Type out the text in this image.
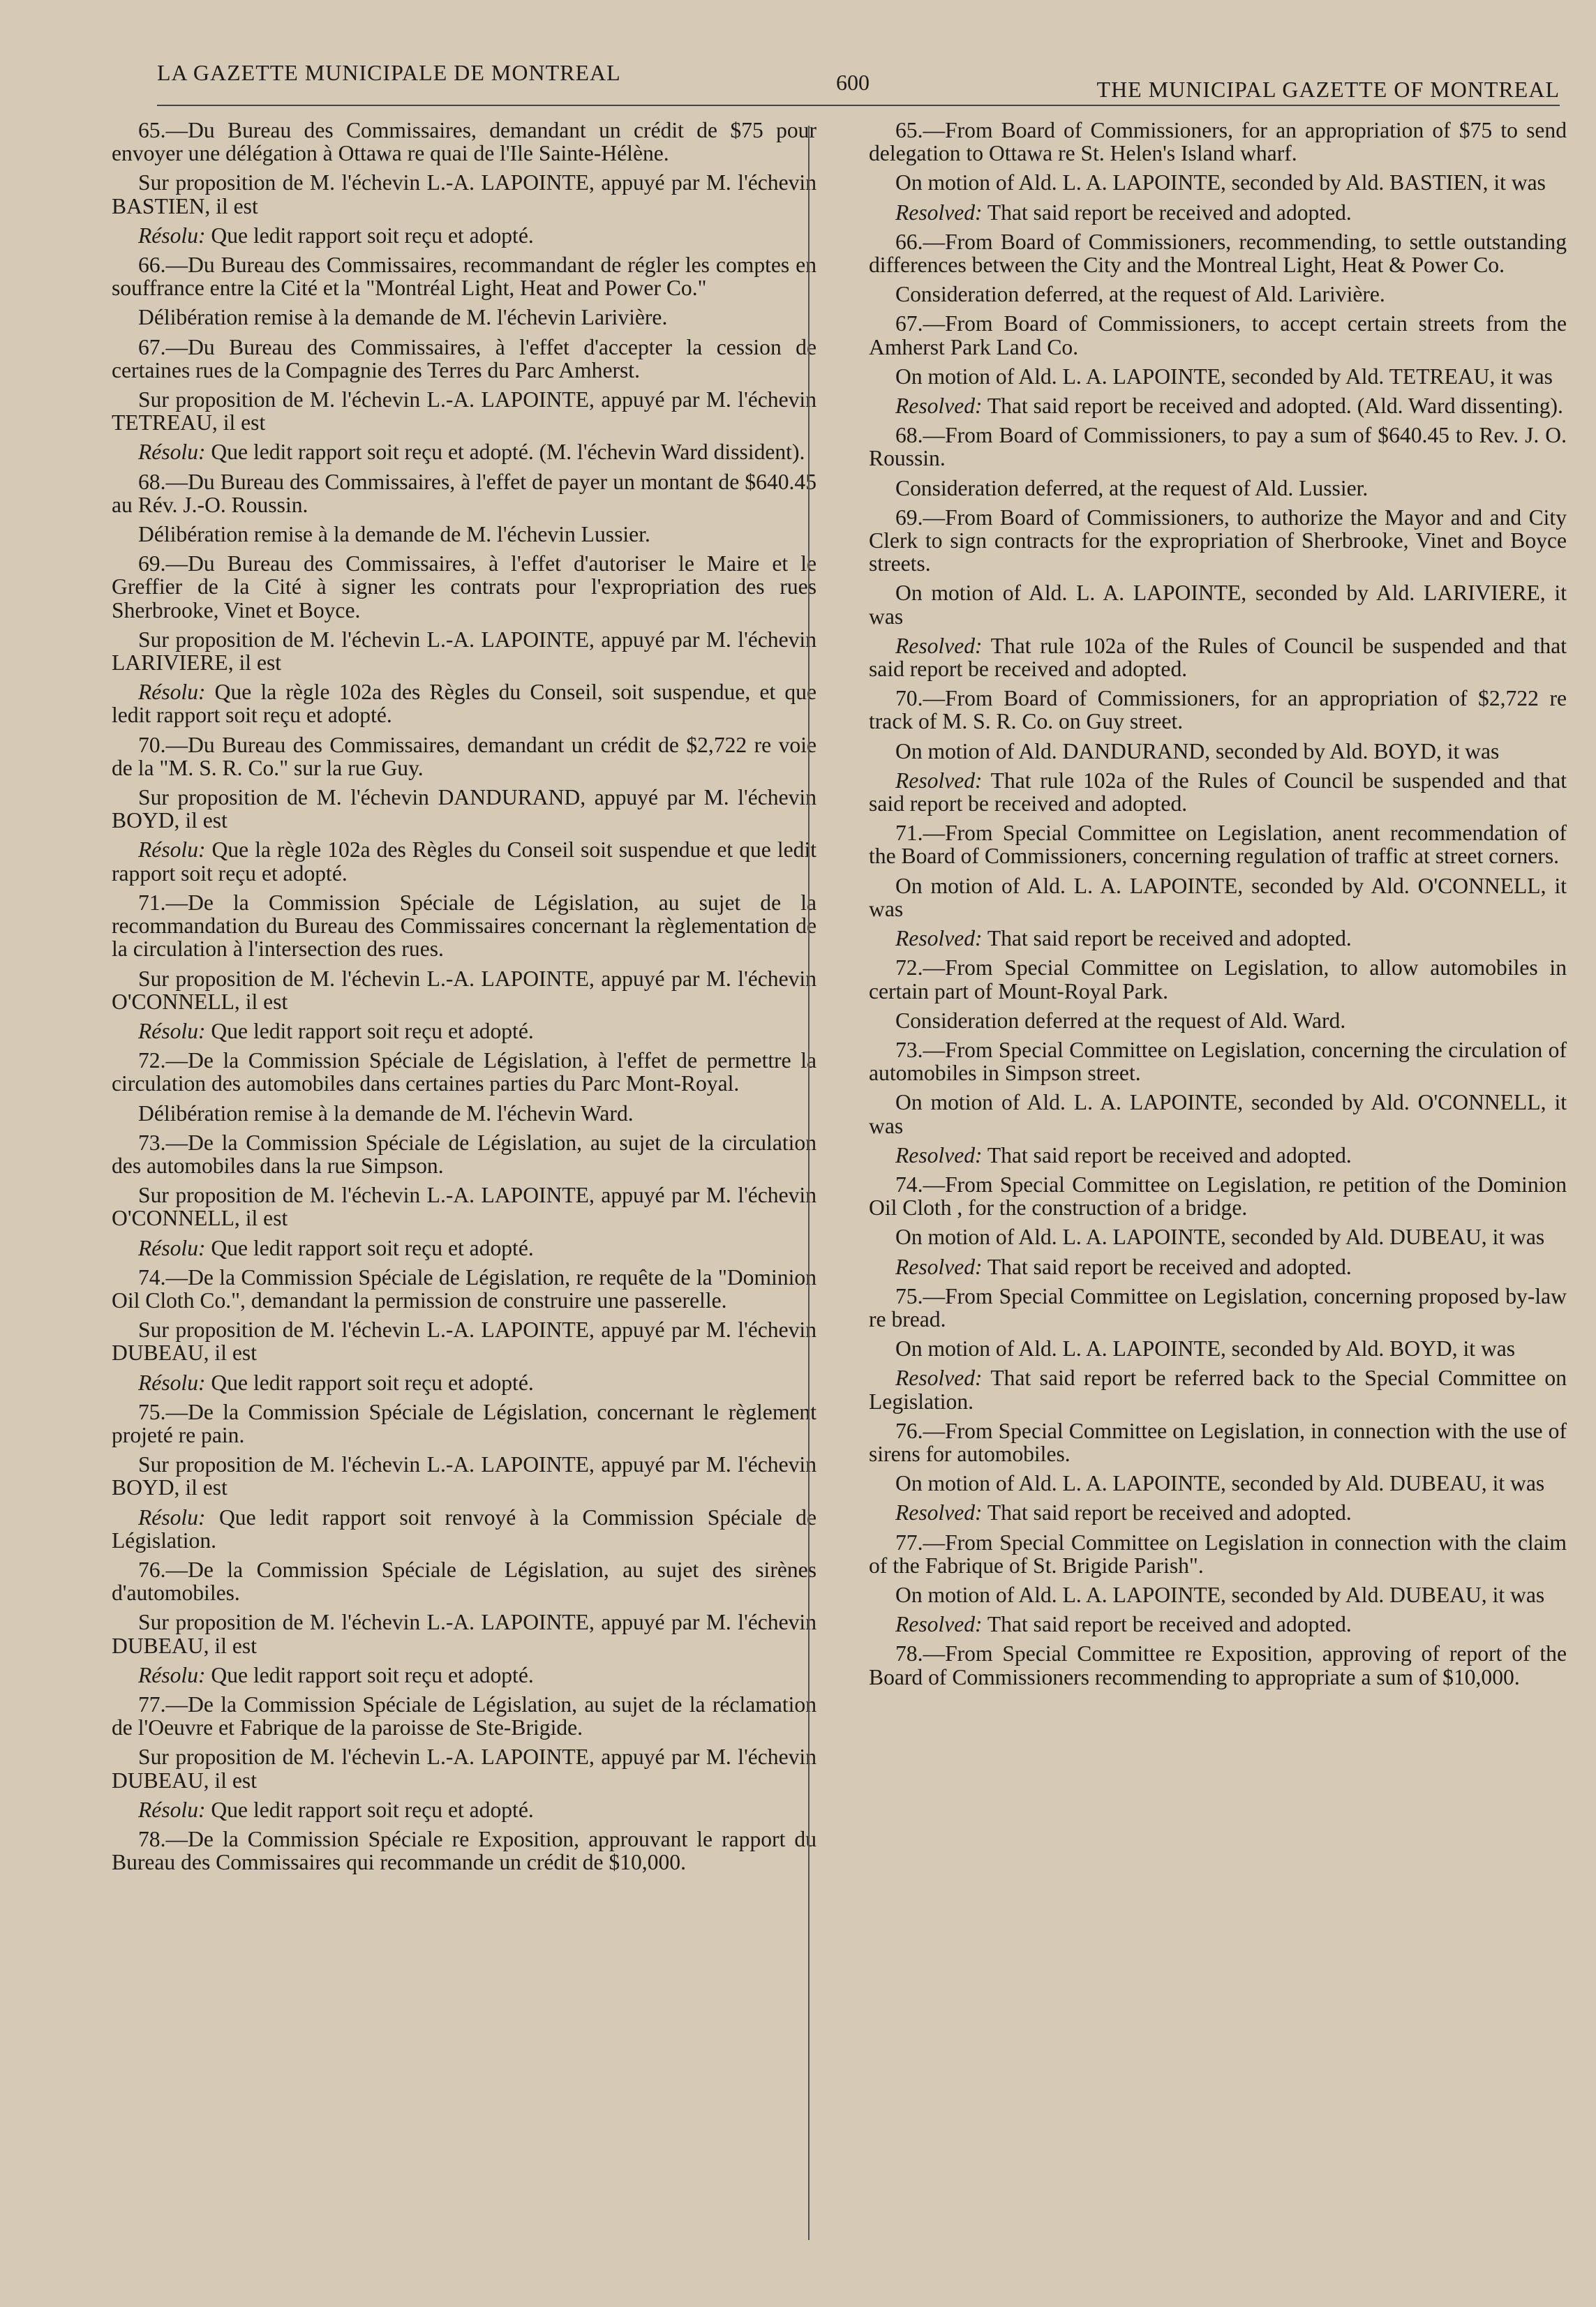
LA GAZETTE MUNICIPALE DE MONTREAL	600	THE MUNICIPAL GAZETTE OF MONTREAL

65.—Du Bureau des Commissaires, demandant un crédit de $75 pour envoyer une délégation à Ottawa re quai de l'Ile Sainte-Hélène.

Sur proposition de M. l'échevin L.-A. LAPOINTE, appuyé par M. l'échevin BASTIEN, il est

Résolu: Que ledit rapport soit reçu et adopté.

66.—Du Bureau des Commissaires, recommandant de régler les comptes en souffrance entre la Cité et la "Montréal Light, Heat and Power Co."

Délibération remise à la demande de M. l'échevin Larivière.

67.—Du Bureau des Commissaires, à l'effet d'accepter la cession de certaines rues de la Compagnie des Terres du Parc Amherst.

Sur proposition de M. l'échevin L.-A. LAPOINTE, appuyé par M. l'échevin TETREAU, il est

Résolu: Que ledit rapport soit reçu et adopté. (M. l'échevin Ward dissident).

68.—Du Bureau des Commissaires, à l'effet de payer un montant de $640.45 au Rév. J.-O. Roussin.

Délibération remise à la demande de M. l'échevin Lussier.

69.—Du Bureau des Commissaires, à l'effet d'autoriser le Maire et le Greffier de la Cité à signer les contrats pour l'expropriation des rues Sherbrooke, Vinet et Boyce.

Sur proposition de M. l'échevin L.-A. LAPOINTE, appuyé par M. l'échevin LARIVIERE, il est

Résolu: Que la règle 102a des Règles du Conseil, soit suspendue, et que ledit rapport soit reçu et adopté.

70.—Du Bureau des Commissaires, demandant un crédit de $2,722 re voie de la "M. S. R. Co." sur la rue Guy.

Sur proposition de M. l'échevin DANDURAND, appuyé par M. l'échevin BOYD, il est

Résolu: Que la règle 102a des Règles du Conseil soit suspendue et que ledit rapport soit reçu et adopté.

71.—De la Commission Spéciale de Législation, au sujet de la recommandation du Bureau des Commissaires concernant la règlementation de la circulation à l'intersection des rues.

Sur proposition de M. l'échevin L.-A. LAPOINTE, appuyé par M. l'échevin O'CONNELL, il est

Résolu: Que ledit rapport soit reçu et adopté.

72.—De la Commission Spéciale de Législation, à l'effet de permettre la circulation des automobiles dans certaines parties du Parc Mont-Royal.

Délibération remise à la demande de M. l'échevin Ward.

73.—De la Commission Spéciale de Législation, au sujet de la circulation des automobiles dans la rue Simpson.

Sur proposition de M. l'échevin L.-A. LAPOINTE, appuyé par M. l'échevin O'CONNELL, il est

Résolu: Que ledit rapport soit reçu et adopté.

74.—De la Commission Spéciale de Législation, re requête de la "Dominion Oil Cloth Co.", demandant la permission de construire une passerelle.

Sur proposition de M. l'échevin L.-A. LAPOINTE, appuyé par M. l'échevin DUBEAU, il est

Résolu: Que ledit rapport soit reçu et adopté.

75.—De la Commission Spéciale de Législation, concernant le règlement projeté re pain.

Sur proposition de M. l'échevin L.-A. LAPOINTE, appuyé par M. l'échevin BOYD, il est

Résolu: Que ledit rapport soit renvoyé à la Commission Spéciale de Législation.

76.—De la Commission Spéciale de Législation, au sujet des sirènes d'automobiles.

Sur proposition de M. l'échevin L.-A. LAPOINTE, appuyé par M. l'échevin DUBEAU, il est

Résolu: Que ledit rapport soit reçu et adopté.

77.—De la Commission Spéciale de Législation, au sujet de la réclamation de l'Oeuvre et Fabrique de la paroisse de Ste-Brigide.

Sur proposition de M. l'échevin L.-A. LAPOINTE, appuyé par M. l'échevin DUBEAU, il est

Résolu: Que ledit rapport soit reçu et adopté.

78.—De la Commission Spéciale re Exposition, approuvant le rapport du Bureau des Commissaires qui recommande un crédit de $10,000.

65.—From Board of Commissioners, for an appropriation of $75 to send delegation to Ottawa re St. Helen's Island wharf.

On motion of Ald. L. A. LAPOINTE, seconded by Ald. BASTIEN, it was

Resolved: That said report be received and adopted.

66.—From Board of Commissioners, recommending, to settle outstanding differences between the City and the Montreal Light, Heat & Power Co.

Consideration deferred, at the request of Ald. Larivière.

67.—From Board of Commissioners, to accept certain streets from the Amherst Park Land Co.

On motion of Ald. L. A. LAPOINTE, seconded by Ald. TETREAU, it was

Resolved: That said report be received and adopted. (Ald. Ward dissenting).

68.—From Board of Commissioners, to pay a sum of $640.45 to Rev. J. O. Roussin.

Consideration deferred, at the request of Ald. Lussier.

69.—From Board of Commissioners, to authorize the Mayor and and City Clerk to sign contracts for the expropriation of Sherbrooke, Vinet and Boyce streets.

On motion of Ald. L. A. LAPOINTE, seconded by Ald. LARIVIERE, it was

Resolved: That rule 102a of the Rules of Council be suspended and that said report be received and adopted.

70.—From Board of Commissioners, for an appropriation of $2,722 re track of M. S. R. Co. on Guy street.

On motion of Ald. DANDURAND, seconded by Ald. BOYD, it was

Resolved: That rule 102a of the Rules of Council be suspended and that said report be received and adopted.

71.—From Special Committee on Legislation, anent recommendation of the Board of Commissioners, concerning regulation of traffic at street corners.

On motion of Ald. L. A. LAPOINTE, seconded by Ald. O'CONNELL, it was

Resolved: That said report be received and adopted.

72.—From Special Committee on Legislation, to allow automobiles in certain part of Mount-Royal Park.

Consideration deferred at the request of Ald. Ward.

73.—From Special Committee on Legislation, concerning the circulation of automobiles in Simpson street.

On motion of Ald. L. A. LAPOINTE, seconded by Ald. O'CONNELL, it was

Resolved: That said report be received and adopted.

74.—From Special Committee on Legislation, re petition of the Dominion Oil Cloth , for the construction of a bridge.

On motion of Ald. L. A. LAPOINTE, seconded by Ald. DUBEAU, it was

Resolved: That said report be received and adopted.

75.—From Special Committee on Legislation, concerning proposed by-law re bread.

On motion of Ald. L. A. LAPOINTE, seconded by Ald. BOYD, it was

Resolved: That said report be referred back to the Special Committee on Legislation.

76.—From Special Committee on Legislation, in connection with the use of sirens for automobiles.

On motion of Ald. L. A. LAPOINTE, seconded by Ald. DUBEAU, it was

Resolved: That said report be received and adopted.

77.—From Special Committee on Legislation in connection with the claim of the Fabrique of St. Brigide Parish".

On motion of Ald. L. A. LAPOINTE, seconded by Ald. DUBEAU, it was

Resolved: That said report be received and adopted.

78.—From Special Committee re Exposition, approving of report of the Board of Commissioners recommending to appropriate a sum of $10,000.
